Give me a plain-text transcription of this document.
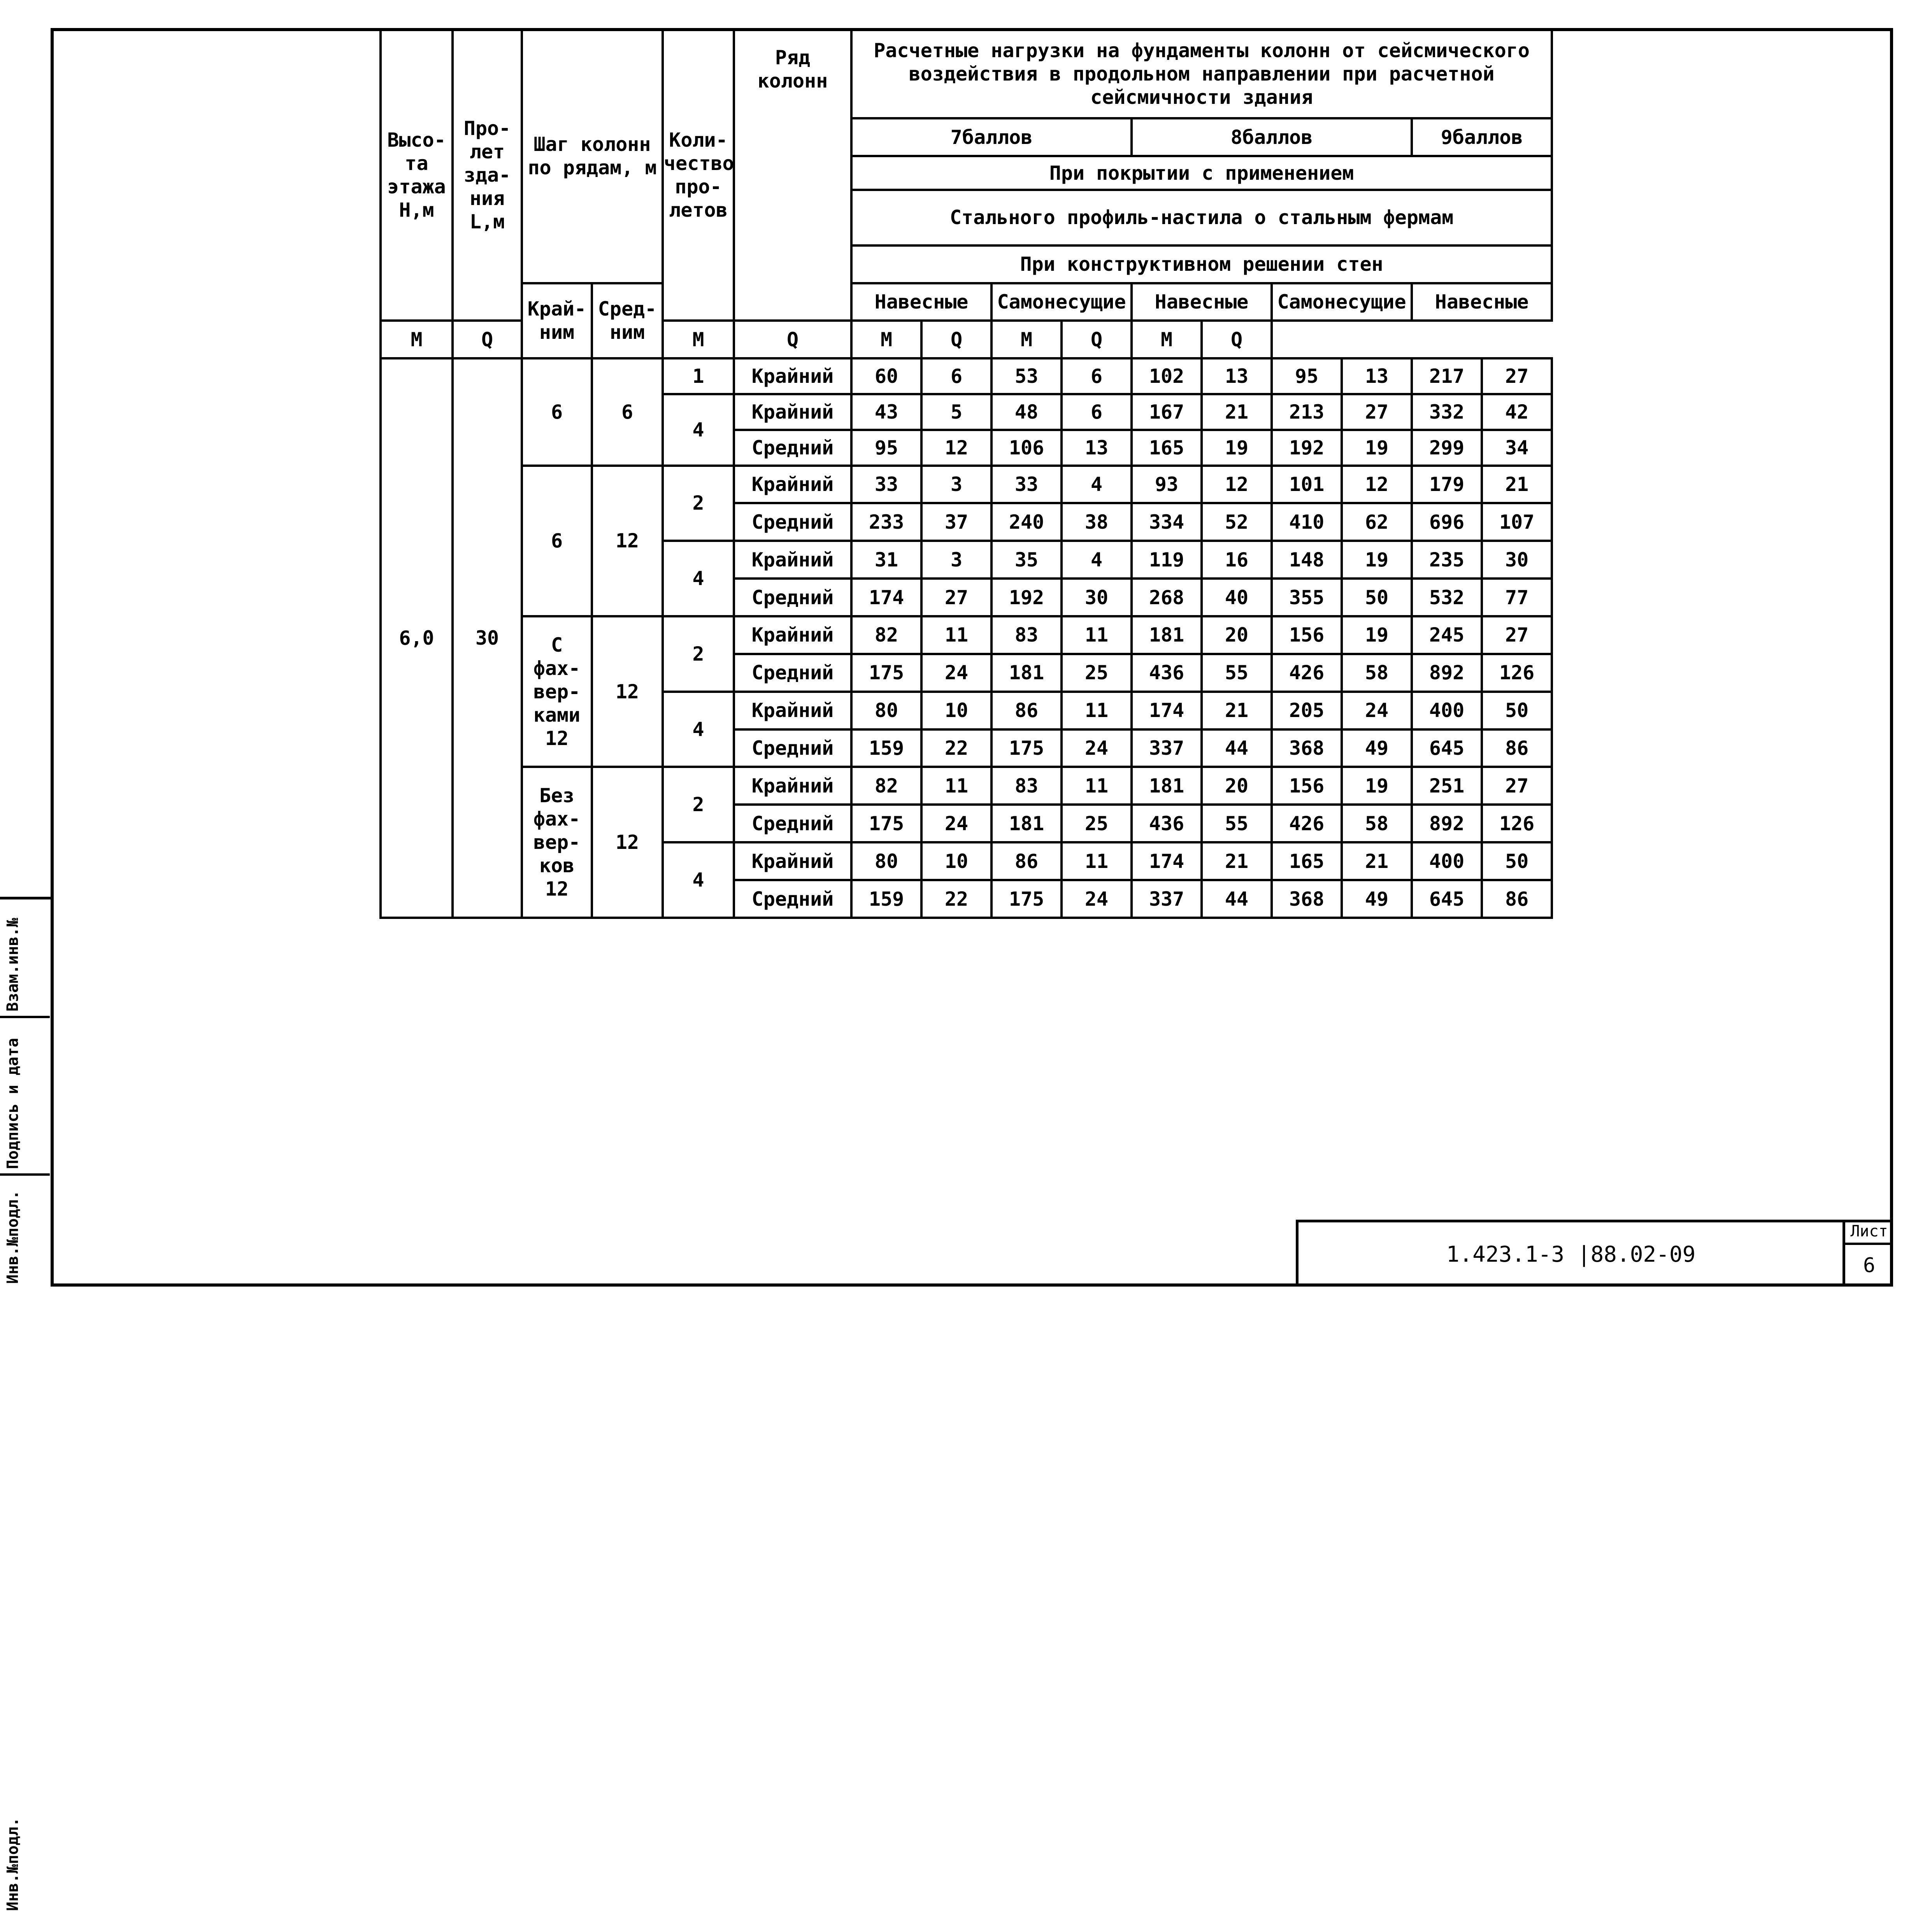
Инв.№подл.
Инв.№подл.
Подпись и дата
Взам.инв.№
Высо-та этажа Н,м	Про-лет зда-ния L,м	Шаг колонн по рядам, м		Коли-чество про-летов	Ряд колонн	Расчетные нагрузки на фундаменты колонн от сейсмического воздействия в продольном направлении при расчетной сейсмичности здания									
						7баллов				8баллов				9баллов	
						При покрытии с применением									
						Стального профиль-настила о стальным фермам									
						При конструктивном решении стен									
		Край-ним	Сред-ним			Навесные		Самонесущие		Навесные		Самонесущие		Навесные	
М	Q			М	Q	М	Q	М	Q	М	Q				
6,0	30	6	6	1	Крайний	60	6	53	6	102	13	95	13	217	27
				4	Крайний	43	5	48	6	167	21	213	27	332	42
					Средний	95	12	106	13	165	19	192	19	299	34
		6	12	2	Крайний	33	3	33	4	93	12	101	12	179	21
					Средний	233	37	240	38	334	52	410	62	696	107
				4	Крайний	31	3	35	4	119	16	148	19	235	30
					Средний	174	27	192	30	268	40	355	50	532	77
		С фах-вер-ками 12	12	2	Крайний	82	11	83	11	181	20	156	19	245	27
					Средний	175	24	181	25	436	55	426	58	892	126
				4	Крайний	80	10	86	11	174	21	205	24	400	50
					Средний	159	22	175	24	337	44	368	49	645	86
		Без фах-вер-ков 12	12	2	Крайний	82	11	83	11	181	20	156	19	251	27
					Средний	175	24	181	25	436	55	426	58	892	126
				4	Крайний	80	10	86	11	174	21	165	21	400	50
					Средний	159	22	175	24	337	44	368	49	645	86
1.423.1-3 |88.02-09
Лист
6
